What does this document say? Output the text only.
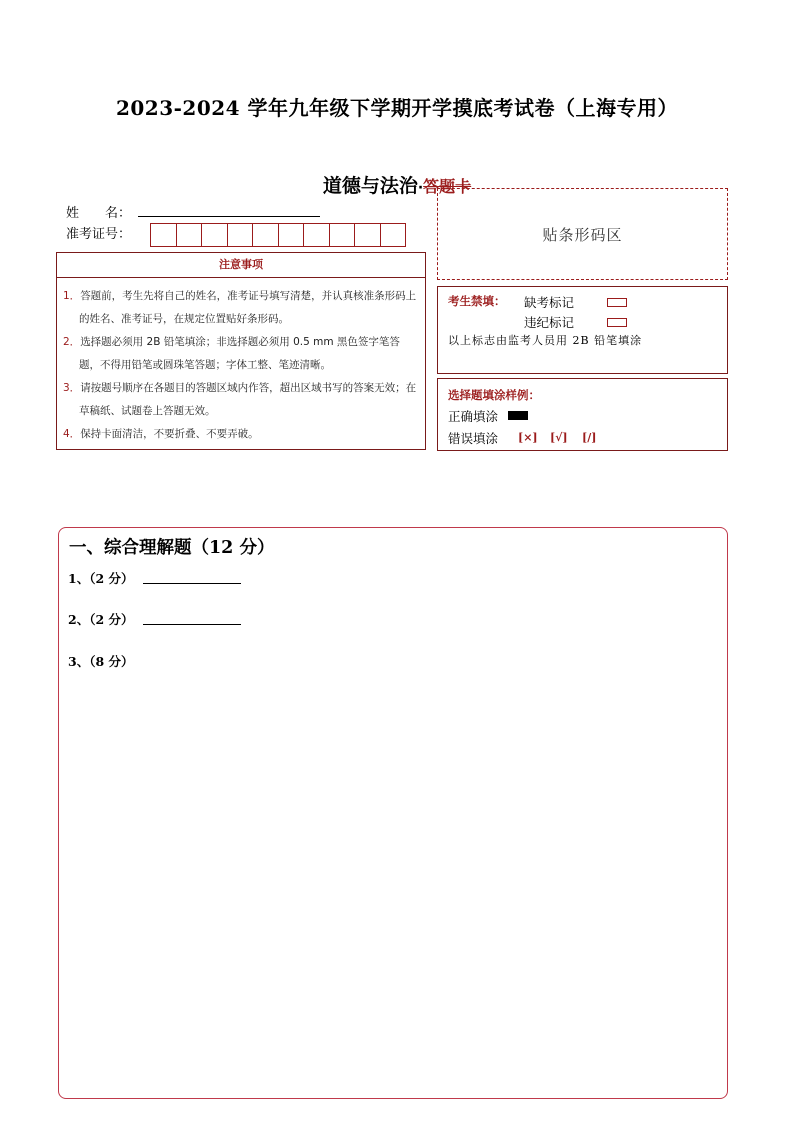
2023-2024 学年九年级下学期开学摸底考试卷（上海专用）
道德与法治·答题卡
姓　　名：
准考证号：
注意事项
1．答题前，考生先将自己的姓名，准考证号填写清楚，并认真核准条形码上的姓名、准考证号，在规定位置贴好条形码。
2．选择题必须用 2B 铅笔填涂；非选择题必须用 0.5 mm 黑色签字笔答题，不得用铅笔或圆珠笔答题；字体工整、笔迹清晰。
3．请按题号顺序在各题目的答题区域内作答，超出区域书写的答案无效；在草稿纸、试题卷上答题无效。
4．保持卡面清洁，不要折叠、不要弄破。
贴条形码区
考生禁填： 缺考标记
违纪标记
以上标志由监考人员用 2B 铅笔填涂
选择题填涂样例：
正确填涂
错误填涂 [×] [√] [/]
一、综合理解题（12 分）
1、（2 分）
2、（2 分）
3、（8 分）
